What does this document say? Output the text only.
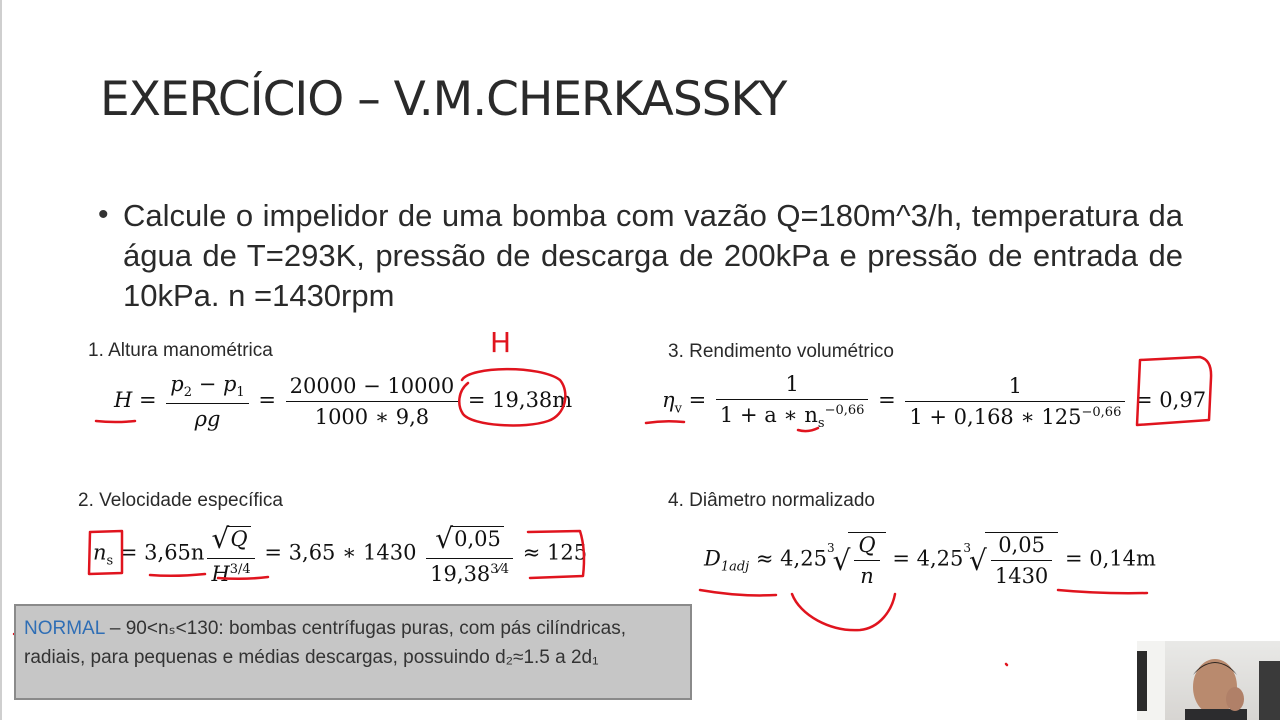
EXERCÍCIO – V.M.CHERKASSKY
• Calcule o impelidor de uma bomba com vazão Q=180m^3/h, temperatura da água de T=293K, pressão de descarga de 200kPa e pressão de entrada de 10kPa. n =1430rpm

1. Altura manométrica
$H = \frac{p_2 - p_1}{\rho g} = \frac{20000 - 10000}{1000 ∗ 9,8} = 19,38m$
3. Rendimento volumétrico
$\eta_v = \frac{1}{1 + a ∗ n_s^{-0,66}} = \frac{1}{1 + 0,168 ∗ 125^{-0,66}} = 0,97$
2. Velocidade específica
$n_s = 3,65n \frac{√Q}{H^{3/4}} = 3,65$ ∗ $1430 \frac{√0,05}{19,38^{3⁄4}} \approx 125$
4. Diâmetro normalizado
$D_{1adj} \approx 4,25^3√ \frac{Q}{n} = 4,25^3√ \frac{0,05}{1430} = 0,14m$
H
NORMAL – 90<nₛ<130: bombas centrífugas puras, com pás cilíndricas, radiais, para pequenas e médias descargas, possuindo d₂≈1.5 a 2d₁
